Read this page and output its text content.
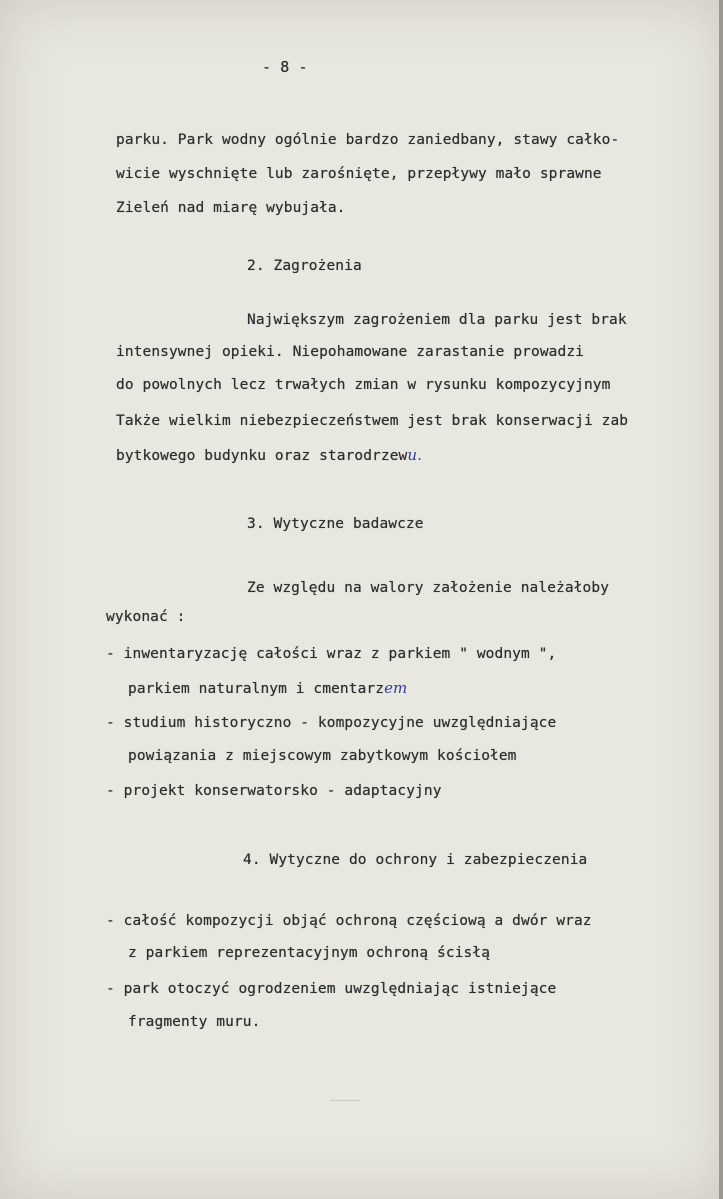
- 8 -
parku. Park wodny ogólnie bardzo zaniedbany, stawy całko-
wicie wyschnięte lub zarośnięte, przepływy mało sprawne
Zieleń nad miarę wybujała.
2. Zagrożenia
Największym zagrożeniem dla parku jest brak
intensywnej opieki. Niepohamowane zarastanie prowadzi
do powolnych lecz trwałych zmian w rysunku kompozycyjnym
Także wielkim niebezpieczeństwem jest brak konserwacji zab
bytkowego budynku oraz starodrzewu.
3. Wytyczne badawcze
Ze względu na walory założenie należałoby
wykonać :
- inwentaryzację całości wraz z parkiem " wodnym ",
parkiem naturalnym i cmentarzem
- studium historyczno - kompozycyjne uwzględniające
powiązania z miejscowym zabytkowym kościołem
- projekt konserwatorsko - adaptacyjny
4. Wytyczne do ochrony i zabezpieczenia
- całość kompozycji objąć ochroną częściową a dwór wraz
z parkiem reprezentacyjnym ochroną ścisłą
- park otoczyć ogrodzeniem uwzględniając istniejące
fragmenty muru.
